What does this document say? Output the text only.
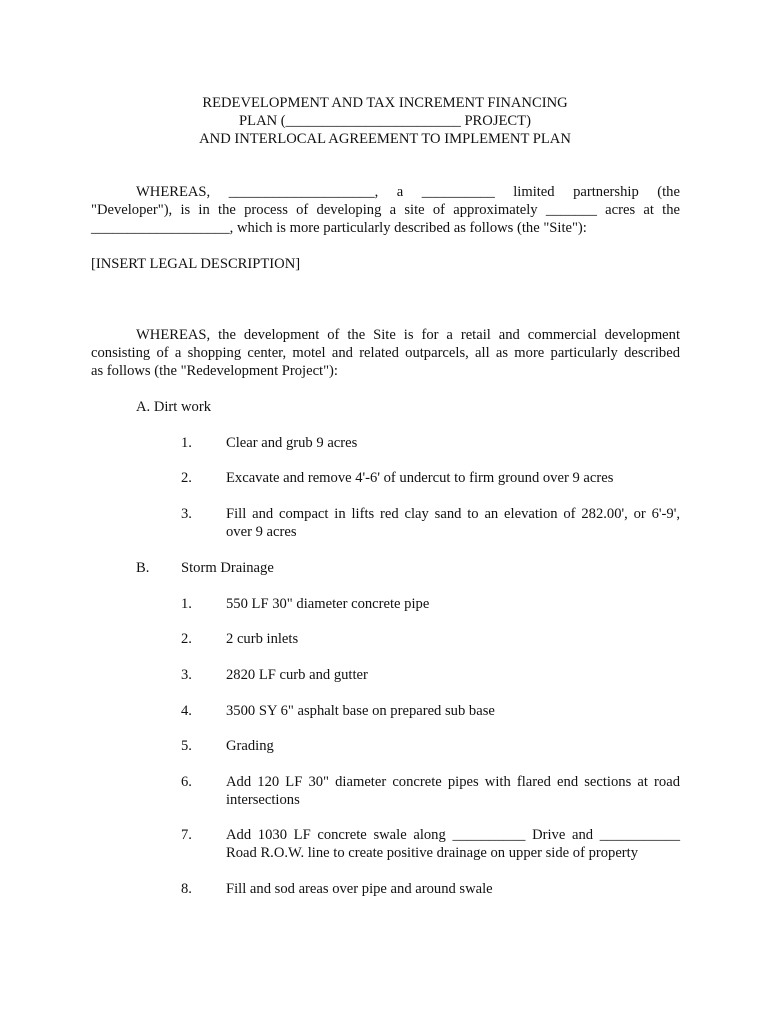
REDEVELOPMENT AND TAX INCREMENT FINANCING
PLAN (________________________ PROJECT)
AND INTERLOCAL AGREEMENT TO IMPLEMENT PLAN
WHEREAS, ____________________, a __________ limited partnership (the
"Developer"), is in the process of developing a site of approximately _______ acres at the
___________________, which is more particularly described as follows (the "Site"):
[INSERT LEGAL DESCRIPTION]
WHEREAS, the development of the Site is for a retail and commercial development
consisting of a shopping center, motel and related outparcels, all as more particularly described
as follows (the "Redevelopment Project"):
A. Dirt work
1. Clear and grub 9 acres
2. Excavate and remove 4'-6' of undercut to firm ground over 9 acres
3. Fill and compact in lifts red clay sand to an elevation of 282.00', or 6'-9',
over 9 acres
B. Storm Drainage
1. 550 LF 30" diameter concrete pipe
2. 2 curb inlets
3. 2820 LF curb and gutter
4. 3500 SY 6" asphalt base on prepared sub base
5. Grading
6. Add 120 LF 30" diameter concrete pipes with flared end sections at road
intersections
7. Add 1030 LF concrete swale along __________ Drive and ___________
Road R.O.W. line to create positive drainage on upper side of property
8. Fill and sod areas over pipe and around swale
